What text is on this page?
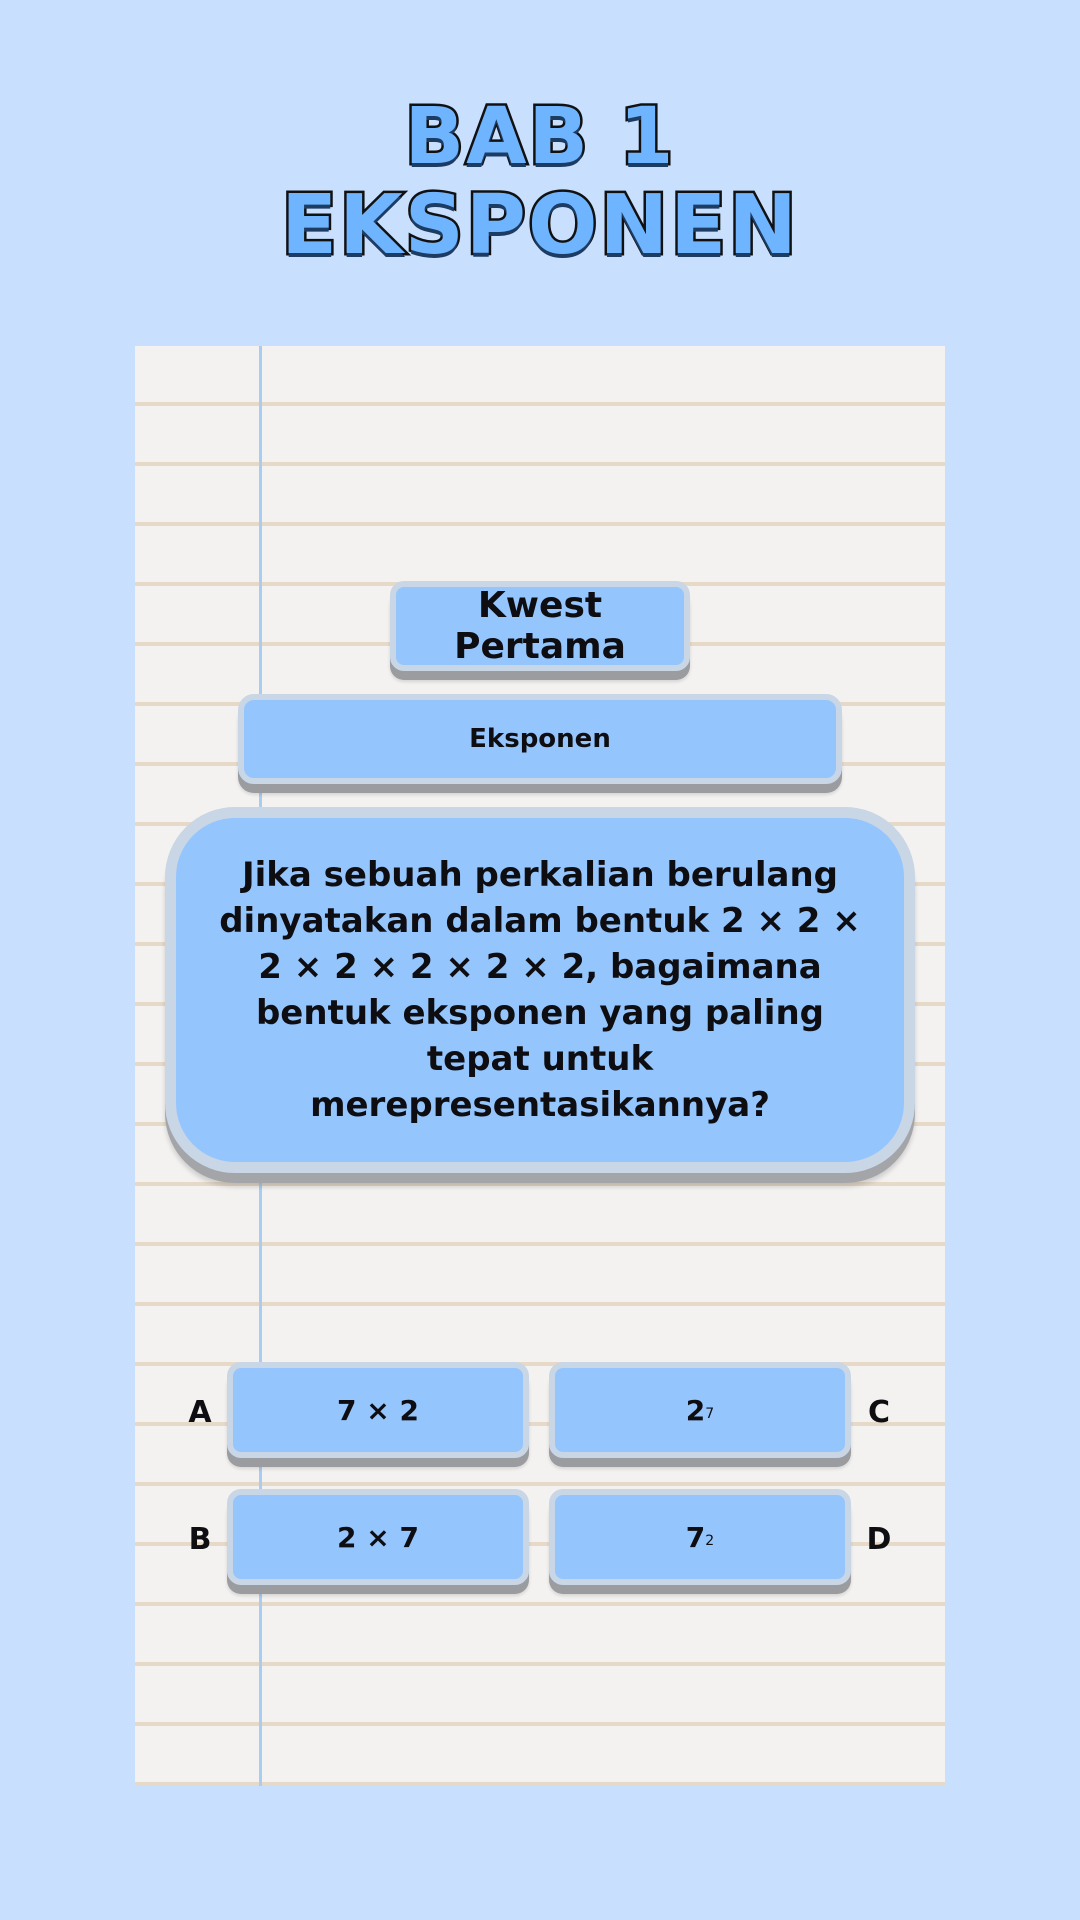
BAB 1
EKSPONEN
Kwest Pertama
Eksponen
Jika sebuah perkalian berulang dinyatakan dalam bentuk 2 × 2 × 2 × 2 × 2 × 2 × 2, bagaimana bentuk eksponen yang paling tepat untuk merepresentasikannya?
A	7 × 2	$2^7$	C
B	2 × 7	$7^2$	D
